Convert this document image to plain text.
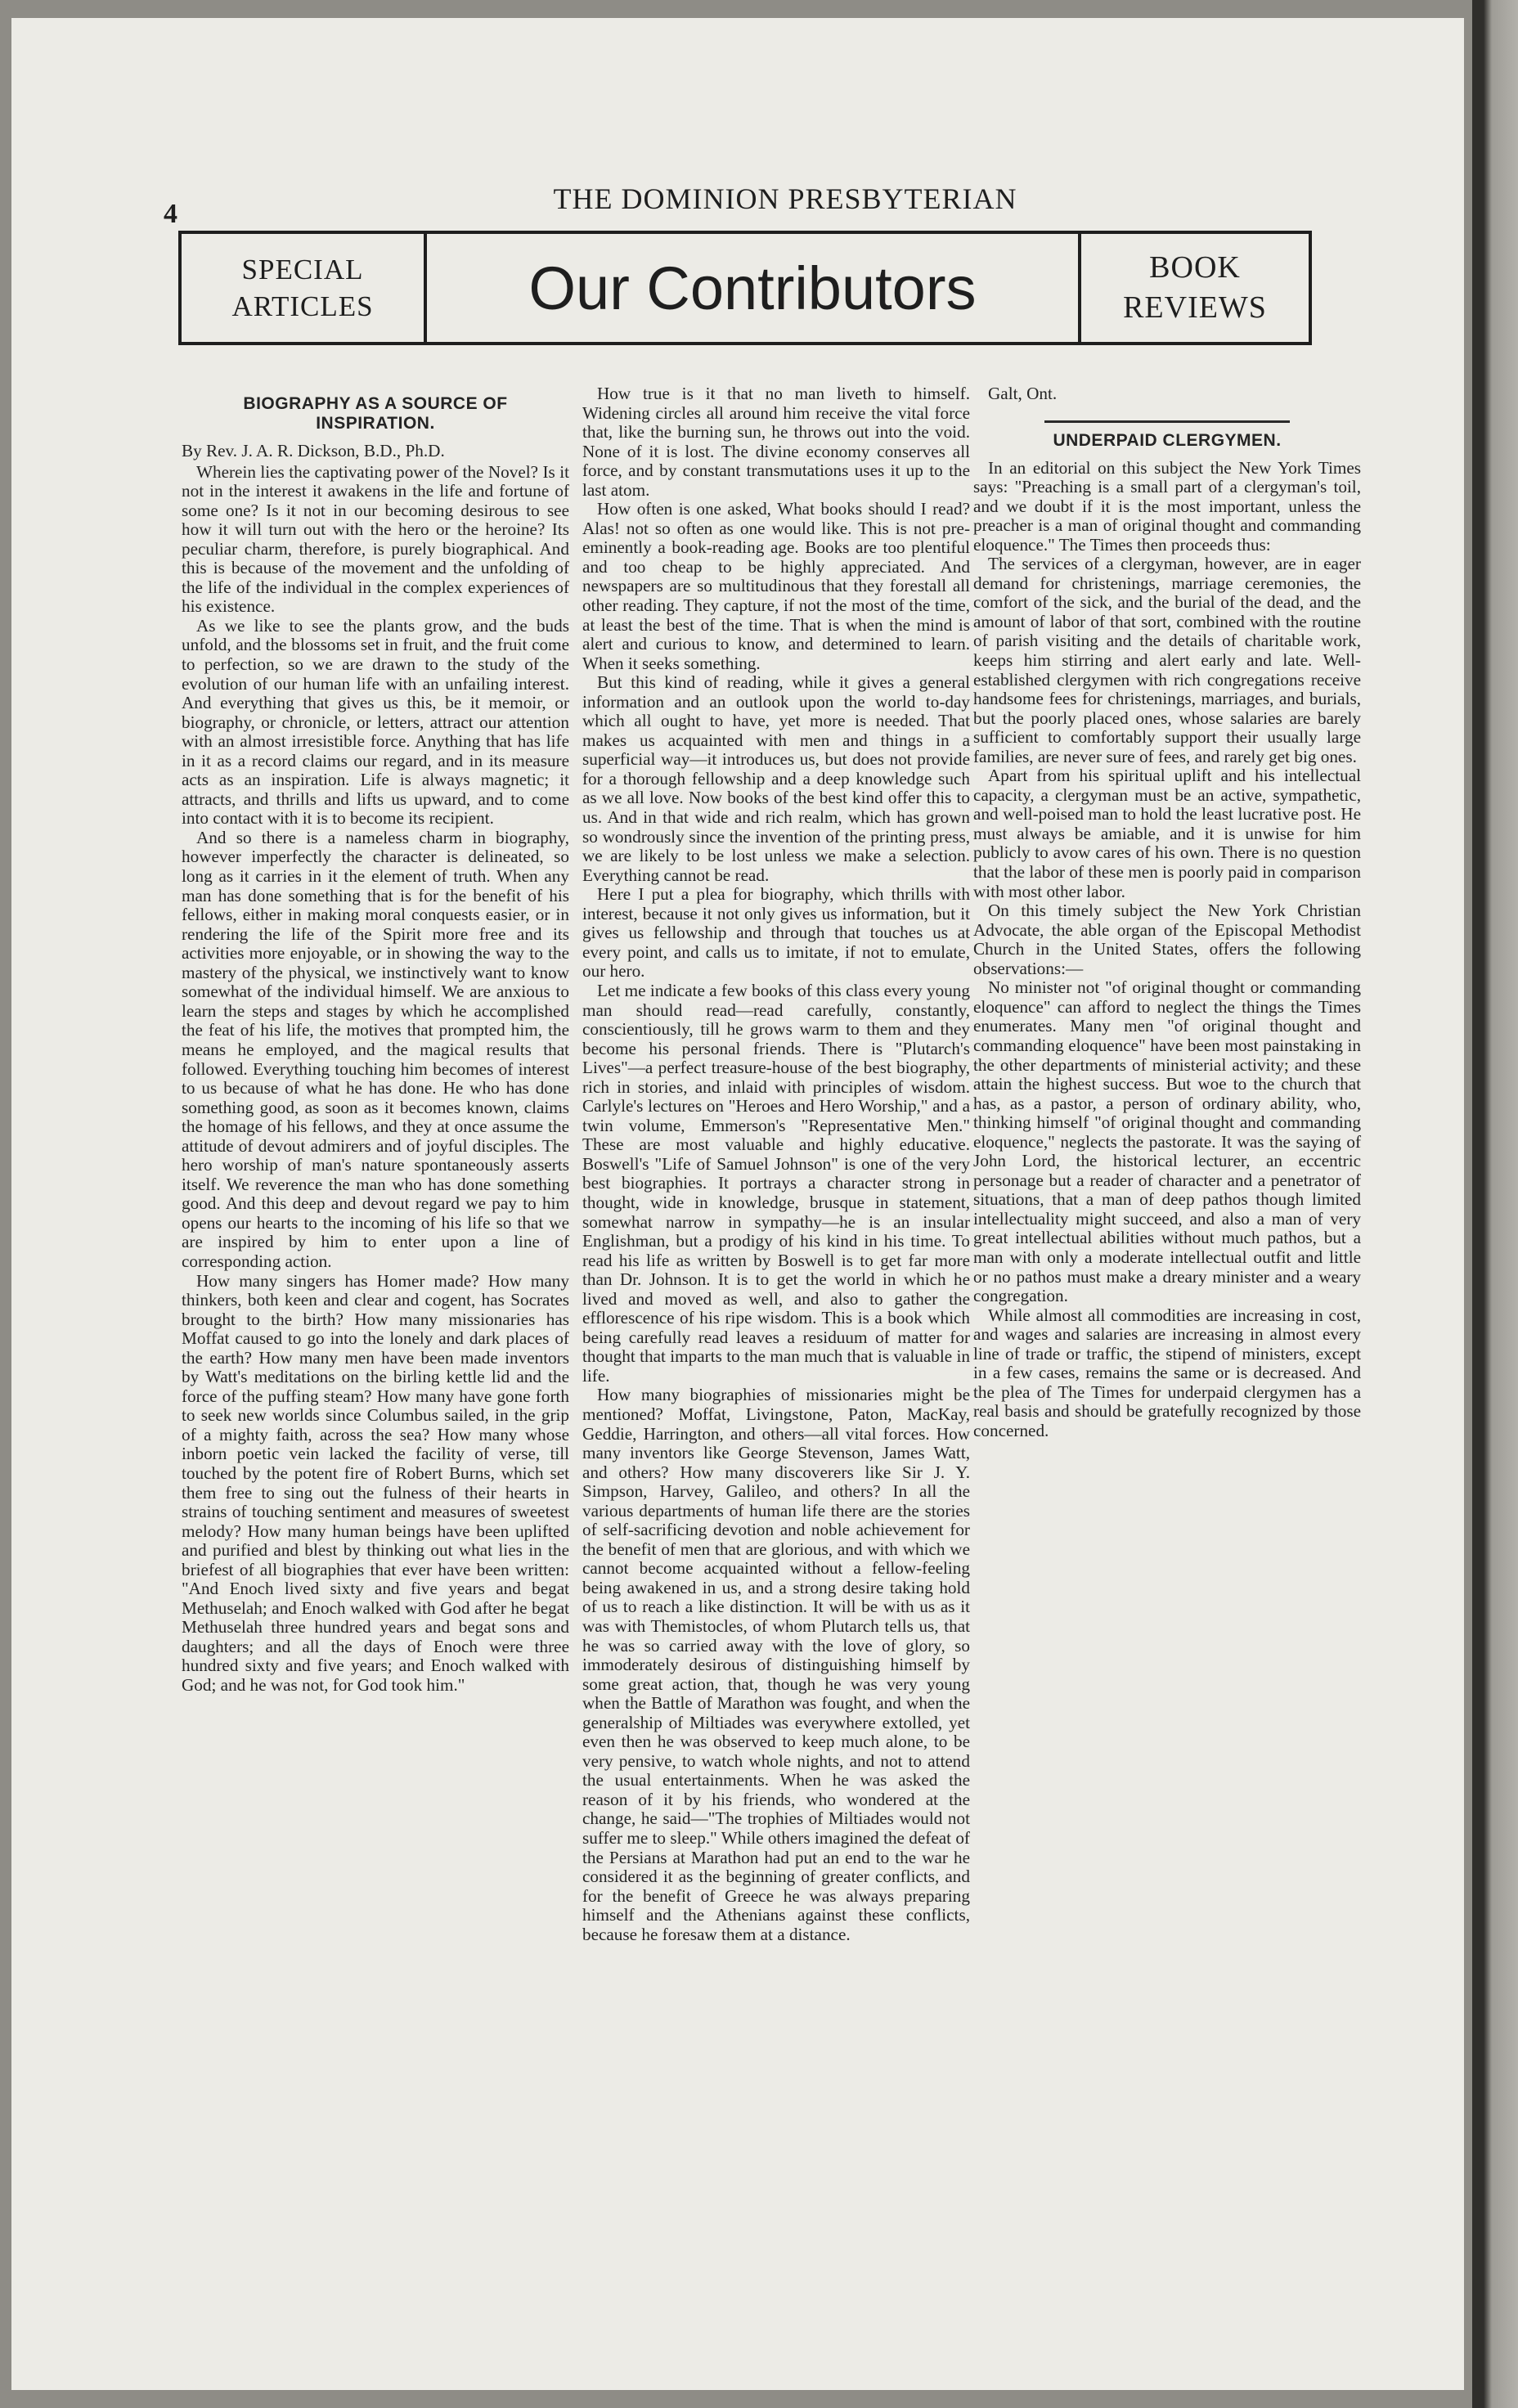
4	THE DOMINION PRESBYTERIAN
SPECIAL ARTICLES	Our Contributors	BOOK REVIEWS
BIOGRAPHY AS A SOURCE OF INSPIRATION.

By Rev. J. A. R. Dickson, B.D., Ph.D.

Wherein lies the captivating power of the Novel? Is it not in the interest it awakens in the life and fortune of some one? Is it not in our becoming desirous to see how it will turn out with the hero or the heroine? Its peculiar charm, therefore, is purely biographical. And this is because of the movement and the unfolding of the life of the individual in the complex experiences of his existence.

As we like to see the plants grow, and the buds unfold, and the blossoms set in fruit, and the fruit come to perfection, so we are drawn to the study of the evolution of our human life with an unfailing interest. And everything that gives us this, be it memoir, or biography, or chronicle, or letters, attract our attention with an almost irresistible force. Anything that has life in it as a record claims our regard, and in its measure acts as an inspiration. Life is always magnetic; it attracts, and thrills and lifts us upward, and to come into contact with it is to become its recipient.

And so there is a nameless charm in biography, however imperfectly the character is delineated, so long as it carries in it the element of truth. When any man has done something that is for the benefit of his fellows, either in making moral conquests easier, or in rendering the life of the Spirit more free and its activities more enjoyable, or in showing the way to the mastery of the physical, we instinctively want to know somewhat of the individual himself. We are anxious to learn the steps and stages by which he accomplished the feat of his life, the motives that prompted him, the means he employed, and the magical results that followed. Everything touching him becomes of interest to us because of what he has done. He who has done something good, as soon as it becomes known, claims the homage of his fellows, and they at once assume the attitude of devout admirers and of joyful disciples. The hero worship of man's nature spontaneously asserts itself. We reverence the man who has done something good. And this deep and devout regard we pay to him opens our hearts to the incoming of his life so that we are inspired by him to enter upon a line of corresponding action.

How many singers has Homer made? How many thinkers, both keen and clear and cogent, has Socrates brought to the birth? How many missionaries has Moffat caused to go into the lonely and dark places of the earth? How many men have been made inventors by Watt's meditations on the birling kettle lid and the force of the puffing steam? How many have gone forth to seek new worlds since Columbus sailed, in the grip of a mighty faith, across the sea? How many whose inborn poetic vein lacked the facility of verse, till touched by the potent fire of Robert Burns, which set them free to sing out the fulness of their hearts in strains of touching sentiment and measures of sweetest melody? How many human beings have been uplifted and purified and blest by thinking out what lies in the briefest of all biographies that ever have been written: "And Enoch lived sixty and five years and begat Methuselah; and Enoch walked with God after he begat Methuselah three hundred years and begat sons and daughters; and all the days of Enoch were three hundred sixty and five years; and Enoch walked with God; and he was not, for God took him."

How true is it that no man liveth to himself. Widening circles all around him receive the vital force that, like the burning sun, he throws out into the void. None of it is lost. The divine economy conserves all force, and by constant transmutations uses it up to the last atom.

How often is one asked, What books should I read? Alas! not so often as one would like. This is not pre-eminently a book-reading age. Books are too plentiful and too cheap to be highly appreciated. And newspapers are so multitudinous that they forestall all other reading. They capture, if not the most of the time, at least the best of the time. That is when the mind is alert and curious to know, and determined to learn. When it seeks something.

But this kind of reading, while it gives a general information and an outlook upon the world to-day which all ought to have, yet more is needed. That makes us acquainted with men and things in a superficial way—it introduces us, but does not provide for a thorough fellowship and a deep knowledge such as we all love. Now books of the best kind offer this to us. And in that wide and rich realm, which has grown so wondrously since the invention of the printing press, we are likely to be lost unless we make a selection. Everything cannot be read.

Here I put a plea for biography, which thrills with interest, because it not only gives us information, but it gives us fellowship and through that touches us at every point, and calls us to imitate, if not to emulate, our hero.

Let me indicate a few books of this class every young man should read—read carefully, constantly, conscientiously, till he grows warm to them and they become his personal friends. There is "Plutarch's Lives"—a perfect treasure-house of the best biography, rich in stories, and inlaid with principles of wisdom. Carlyle's lectures on "Heroes and Hero Worship," and a twin volume, Emmerson's "Representative Men." These are most valuable and highly educative. Boswell's "Life of Samuel Johnson" is one of the very best biographies. It portrays a character strong in thought, wide in knowledge, brusque in statement, somewhat narrow in sympathy—he is an insular Englishman, but a prodigy of his kind in his time. To read his life as written by Boswell is to get far more than Dr. Johnson. It is to get the world in which he lived and moved as well, and also to gather the efflorescence of his ripe wisdom. This is a book which being carefully read leaves a residuum of matter for thought that imparts to the man much that is valuable in life.

How many biographies of missionaries might be mentioned? Moffat, Livingstone, Paton, MacKay, Geddie, Harrington, and others—all vital forces. How many inventors like George Stevenson, James Watt, and others? How many discoverers like Sir J. Y. Simpson, Harvey, Galileo, and others? In all the various departments of human life there are the stories of self-sacrificing devotion and noble achievement for the benefit of men that are glorious, and with which we cannot become acquainted without a fellow-feeling being awakened in us, and a strong desire taking hold of us to reach a like distinction. It will be with us as it was with Themistocles, of whom Plutarch tells us, that he was so carried away with the love of glory, so immoderately desirous of distinguishing himself by some great action, that, though he was very young when the Battle of Marathon was fought, and when the generalship of Miltiades was everywhere extolled, yet even then he was observed to keep much alone, to be very pensive, to watch whole nights, and not to attend the usual entertainments. When he was asked the reason of it by his friends, who wondered at the change, he said—"The trophies of Miltiades would not suffer me to sleep." While others imagined the defeat of the Persians at Marathon had put an end to the war he considered it as the beginning of greater conflicts, and for the benefit of Greece he was always preparing himself and the Athenians against these conflicts, because he foresaw them at a distance.

Galt, Ont.

UNDERPAID CLERGYMEN.

In an editorial on this subject the New York Times says: "Preaching is a small part of a clergyman's toil, and we doubt if it is the most important, unless the preacher is a man of original thought and commanding eloquence." The Times then proceeds thus:

The services of a clergyman, however, are in eager demand for christenings, marriage ceremonies, the comfort of the sick, and the burial of the dead, and the amount of labor of that sort, combined with the routine of parish visiting and the details of charitable work, keeps him stirring and alert early and late. Well-established clergymen with rich congregations receive handsome fees for christenings, marriages, and burials, but the poorly placed ones, whose salaries are barely sufficient to comfortably support their usually large families, are never sure of fees, and rarely get big ones.

Apart from his spiritual uplift and his intellectual capacity, a clergyman must be an active, sympathetic, and well-poised man to hold the least lucrative post. He must always be amiable, and it is unwise for him publicly to avow cares of his own. There is no question that the labor of these men is poorly paid in comparison with most other labor.

On this timely subject the New York Christian Advocate, the able organ of the Episcopal Methodist Church in the United States, offers the following observations:—

No minister not "of original thought or commanding eloquence" can afford to neglect the things the Times enumerates. Many men "of original thought and commanding eloquence" have been most painstaking in the other departments of ministerial activity; and these attain the highest success. But woe to the church that has, as a pastor, a person of ordinary ability, who, thinking himself "of original thought and commanding eloquence," neglects the pastorate. It was the saying of John Lord, the historical lecturer, an eccentric personage but a reader of character and a penetrator of situations, that a man of deep pathos though limited intellectuality might succeed, and also a man of very great intellectual abilities without much pathos, but a man with only a moderate intellectual outfit and little or no pathos must make a dreary minister and a weary congregation.

While almost all commodities are increasing in cost, and wages and salaries are increasing in almost every line of trade or traffic, the stipend of ministers, except in a few cases, remains the same or is decreased. And the plea of The Times for underpaid clergymen has a real basis and should be gratefully recognized by those concerned.
